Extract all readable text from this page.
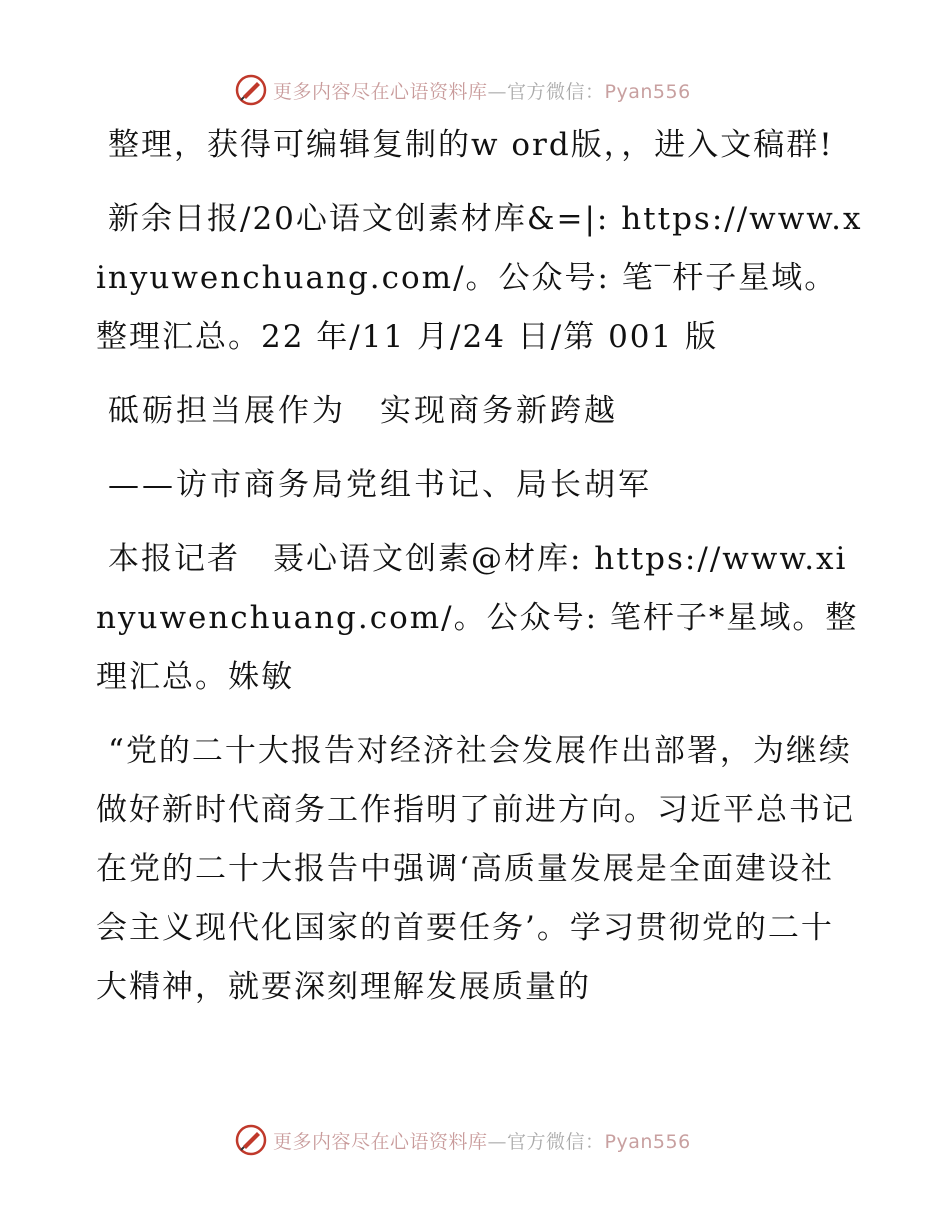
更多内容尽在心语资料库—官方微信：Pyan556

整理，获得可编辑复制的w ord版，，进入文稿群!

新余日报/20心语文创素材库&=|: https://www.xinyuwenchuang.com/。公众号: 笔‾杆子星域。整理汇总。22 年/11 月/24 日/第 001 版

砥砺担当展作为　实现商务新跨越

——访市商务局党组书记、局长胡军

本报记者　聂心语文创素@材库: https://www.xinyuwenchuang.com/。公众号: 笔杆子*星域。整理汇总。姝敏

“党的二十大报告对经济社会发展作出部署，为继续做好新时代商务工作指明了前进方向。习近平总书记在党的二十大报告中强调‘高质量发展是全面建设社会主义现代化国家的首要任务’。学习贯彻党的二十大精神，就要深刻理解发展质量的

更多内容尽在心语资料库—官方微信：Pyan556
